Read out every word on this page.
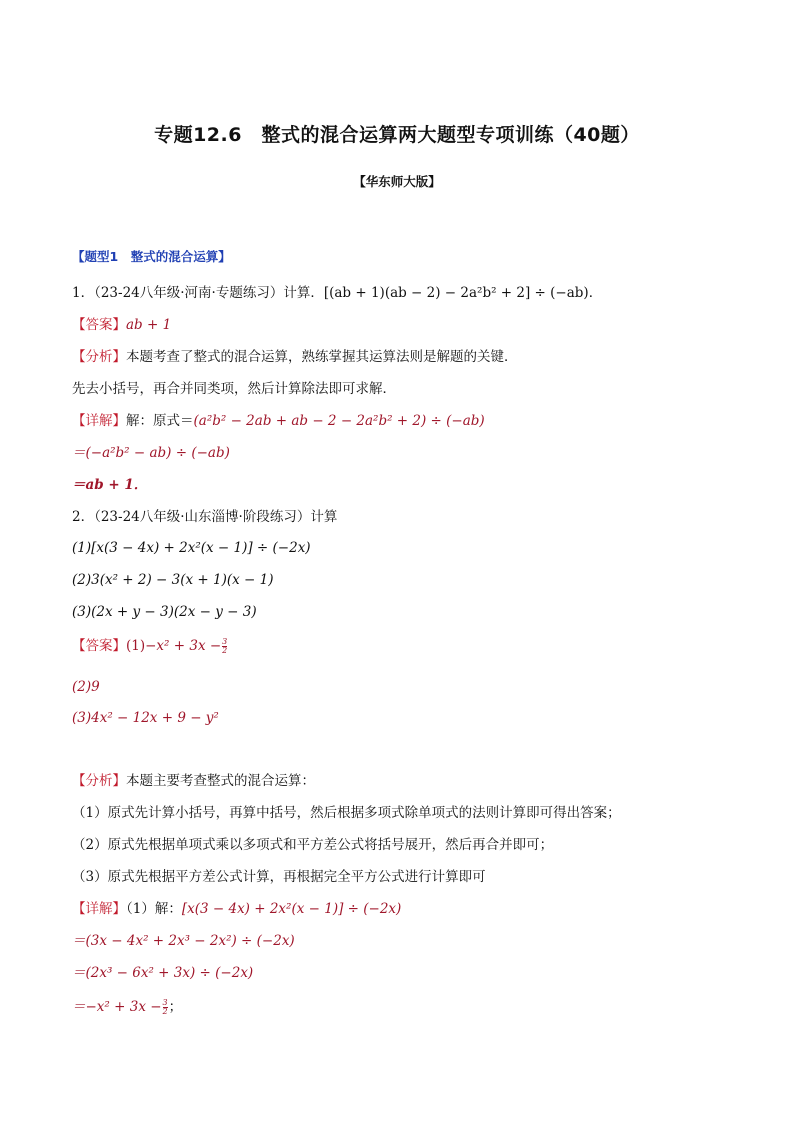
专题12.6　整式的混合运算两大题型专项训练（40题）
【华东师大版】
【题型1　整式的混合运算】
1．（23-24八年级·河南·专题练习）计算．[(ab + 1)(ab − 2) − 2a²b² + 2] ÷ (−ab)．
【答案】ab + 1
【分析】本题考查了整式的混合运算，熟练掌握其运算法则是解题的关键．
先去小括号，再合并同类项，然后计算除法即可求解．
【详解】解：原式＝(a²b² − 2ab + ab − 2 − 2a²b² + 2) ÷ (−ab)
＝(−a²b² − ab) ÷ (−ab)
＝ab + 1．
2．（23-24八年级·山东淄博·阶段练习）计算
(1)[x(3 − 4x) + 2x²(x − 1)] ÷ (−2x)
(2)3(x² + 2) − 3(x + 1)(x − 1)
(3)(2x + y − 3)(2x − y − 3)
【答案】$(1)-x^2 + 3x - \frac{3}{2}$
(2)9
(3)4x² − 12x + 9 − y²
【分析】本题主要考查整式的混合运算：
（1）原式先计算小括号，再算中括号，然后根据多项式除单项式的法则计算即可得出答案；
（2）原式先根据单项式乘以多项式和平方差公式将括号展开，然后再合并即可；
（3）原式先根据平方差公式计算，再根据完全平方公式进行计算即可
【详解】（1）解：[x(3 − 4x) + 2x²(x − 1)] ÷ (−2x)
＝(3x − 4x² + 2x³ − 2x²) ÷ (−2x)
＝(2x³ − 6x² + 3x) ÷ (−2x)
$=-x^2 + 3x - \frac{3}{2}$ ；
